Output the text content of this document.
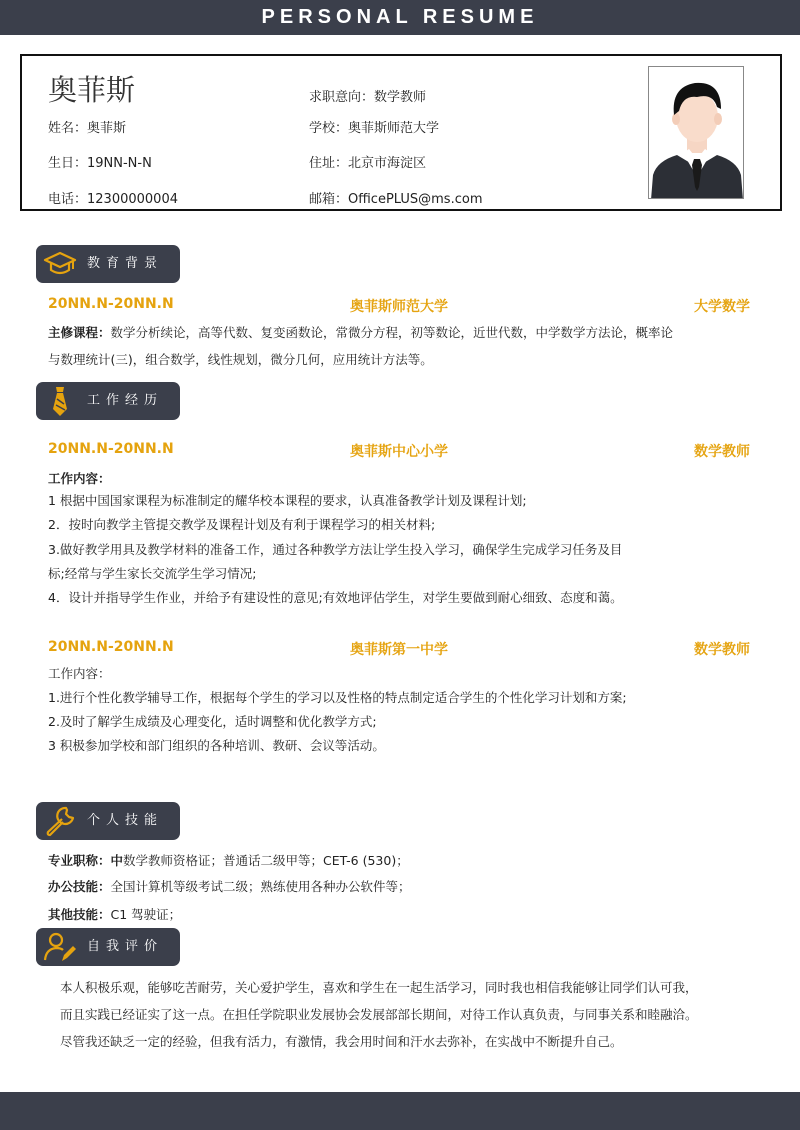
PERSONAL RESUME
奥菲斯	求职意向：数学教师
姓名：奥菲斯	学校：奥菲斯师范大学
生日：19NN-N-N	住址：北京市海淀区
电话：12300000004	邮箱：OfficePLUS@ms.com
教育背景
20NN.N-20NN.N	奥菲斯师范大学	大学数学
主修课程：数学分析续论，高等代数、复变函数论，常微分方程，初等数论，近世代数，中学数学方法论，概率论
与数理统计(三)，组合数学，线性规划，微分几何，应用统计方法等。
工作经历
20NN.N-20NN.N	奥菲斯中心小学	数学教师
工作内容：
1 根据中国国家课程为标准制定的耀华校本课程的要求，认真准备教学计划及课程计划;
2．按时向教学主管提交教学及课程计划及有利于课程学习的相关材料;
3.做好教学用具及教学材料的准备工作，通过各种教学方法让学生投入学习，确保学生完成学习任务及目
标;经常与学生家长交流学生学习情况;
4．设计并指导学生作业，并给予有建设性的意见;有效地评估学生，对学生要做到耐心细致、态度和蔼。
20NN.N-20NN.N	奥菲斯第一中学	数学教师
工作内容：
1.进行个性化教学辅导工作，根据每个学生的学习以及性格的特点制定适合学生的个性化学习计划和方案;
2.及时了解学生成绩及心理变化，适时调整和优化教学方式;
3 积极参加学校和部门组织的各种培训、教研、会议等活动。
个人技能
专业职称：中数学教师资格证；普通话二级甲等；CET-6 (530)；
办公技能：全国计算机等级考试二级；熟练使用各种办公软件等；
其他技能：C1 驾驶证；
自我评价
本人积极乐观，能够吃苦耐劳，关心爱护学生，喜欢和学生在一起生活学习，同时我也相信我能够让同学们认可我，
而且实践已经证实了这一点。在担任学院职业发展协会发展部部长期间，对待工作认真负责，与同事关系和睦融洽。
尽管我还缺乏一定的经验，但我有活力，有激情，我会用时间和汗水去弥补，在实战中不断提升自己。
